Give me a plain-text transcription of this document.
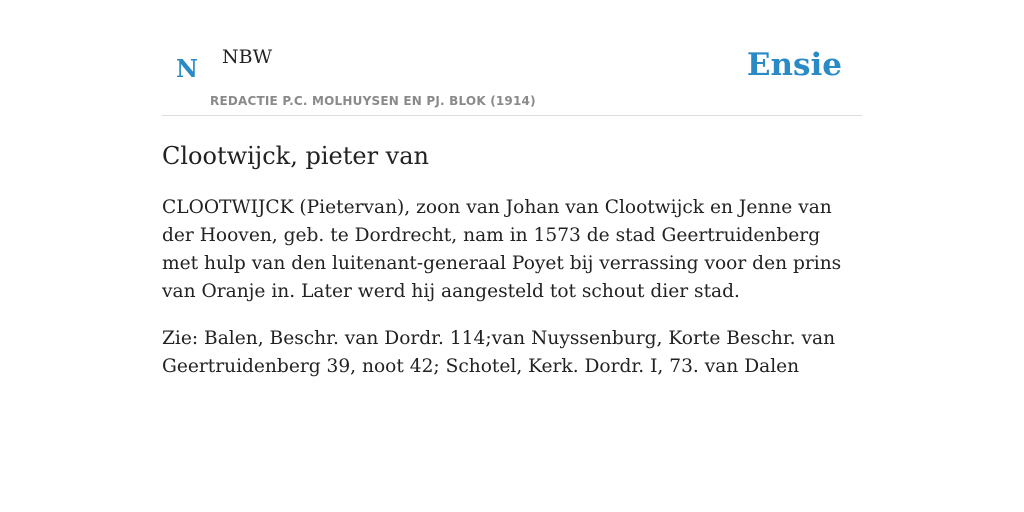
N NBW
REDACTIE P.C. MOLHUYSEN EN PJ. BLOK (1914)
Ensie
Clootwijck, pieter van

CLOOTWIJCK (Pietervan), zoon van Johan van Clootwijck en Jenne van der Hooven, geb. te Dordrecht, nam in 1573 de stad Geertruidenberg met hulp van den luitenant-generaal Poyet bij verrassing voor den prins van Oranje in. Later werd hij aangesteld tot schout dier stad.

Zie: Balen, Beschr. van Dordr. 114;van Nuyssenburg, Korte Beschr. van Geertruidenberg 39, noot 42; Schotel, Kerk. Dordr. I, 73. van Dalen
